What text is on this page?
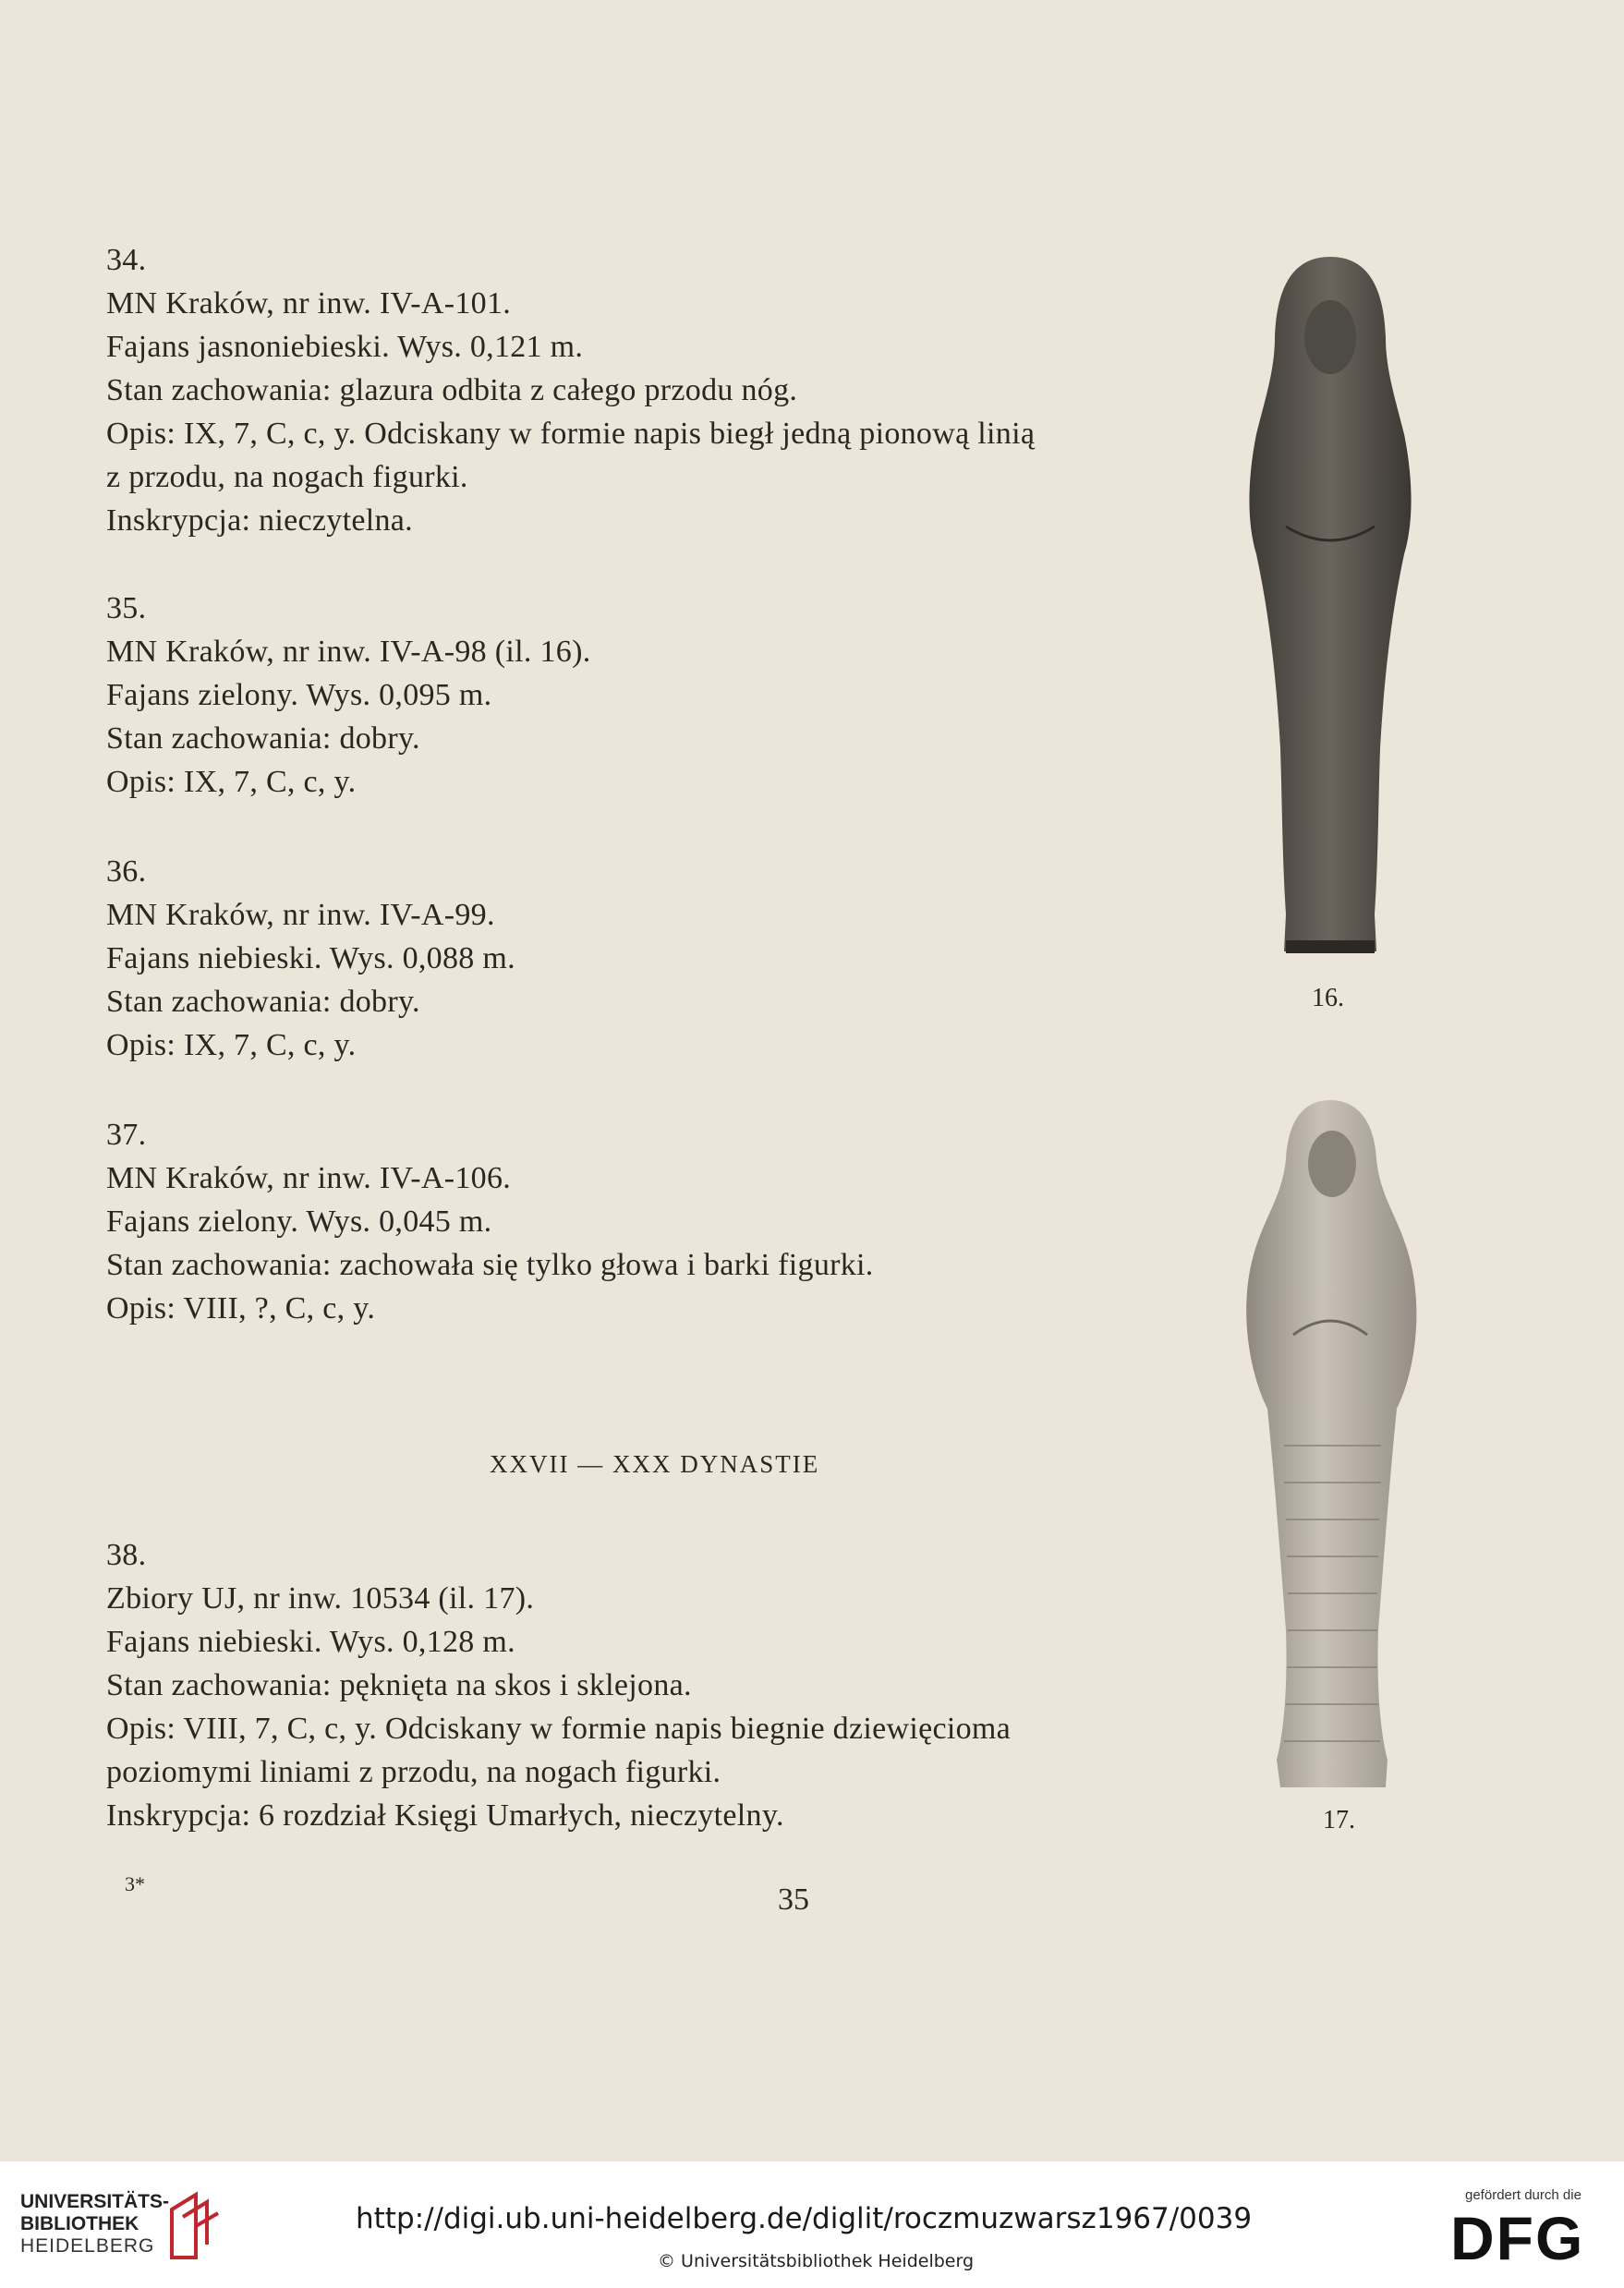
34.
MN Kraków, nr inw. IV-A-101.
Fajans jasnoniebieski. Wys. 0,121 m.
Stan zachowania: glazura odbita z całego przodu nóg.
Opis: IX, 7, C, c, y. Odciskany w formie napis biegł jedną pionową linią
z przodu, na nogach figurki.
Inskrypcja: nieczytelna.
35.
MN Kraków, nr inw. IV-A-98 (il. 16).
Fajans zielony. Wys. 0,095 m.
Stan zachowania: dobry.
Opis: IX, 7, C, c, y.
36.
MN Kraków, nr inw. IV-A-99.
Fajans niebieski. Wys. 0,088 m.
Stan zachowania: dobry.
Opis: IX, 7, C, c, y.
37.
MN Kraków, nr inw. IV-A-106.
Fajans zielony. Wys. 0,045 m.
Stan zachowania: zachowała się tylko głowa i barki figurki.
Opis: VIII, ?, C, c, y.
XXVII — XXX DYNASTIE
38.
Zbiory UJ, nr inw. 10534 (il. 17).
Fajans niebieski. Wys. 0,128 m.
Stan zachowania: pęknięta na skos i sklejona.
Opis: VIII, 7, C, c, y. Odciskany w formie napis biegnie dziewięcioma
poziomymi liniami z przodu, na nogach figurki.
Inskrypcja: 6 rozdział Księgi Umarłych, nieczytelny.
16.
17.
3*	35
UNIVERSITÄTS-
BIBLIOTHEK
HEIDELBERG
http://digi.ub.uni-heidelberg.de/diglit/roczmuzwarsz1967/0039
© Universitätsbibliothek Heidelberg
gefördert durch die
DFG
